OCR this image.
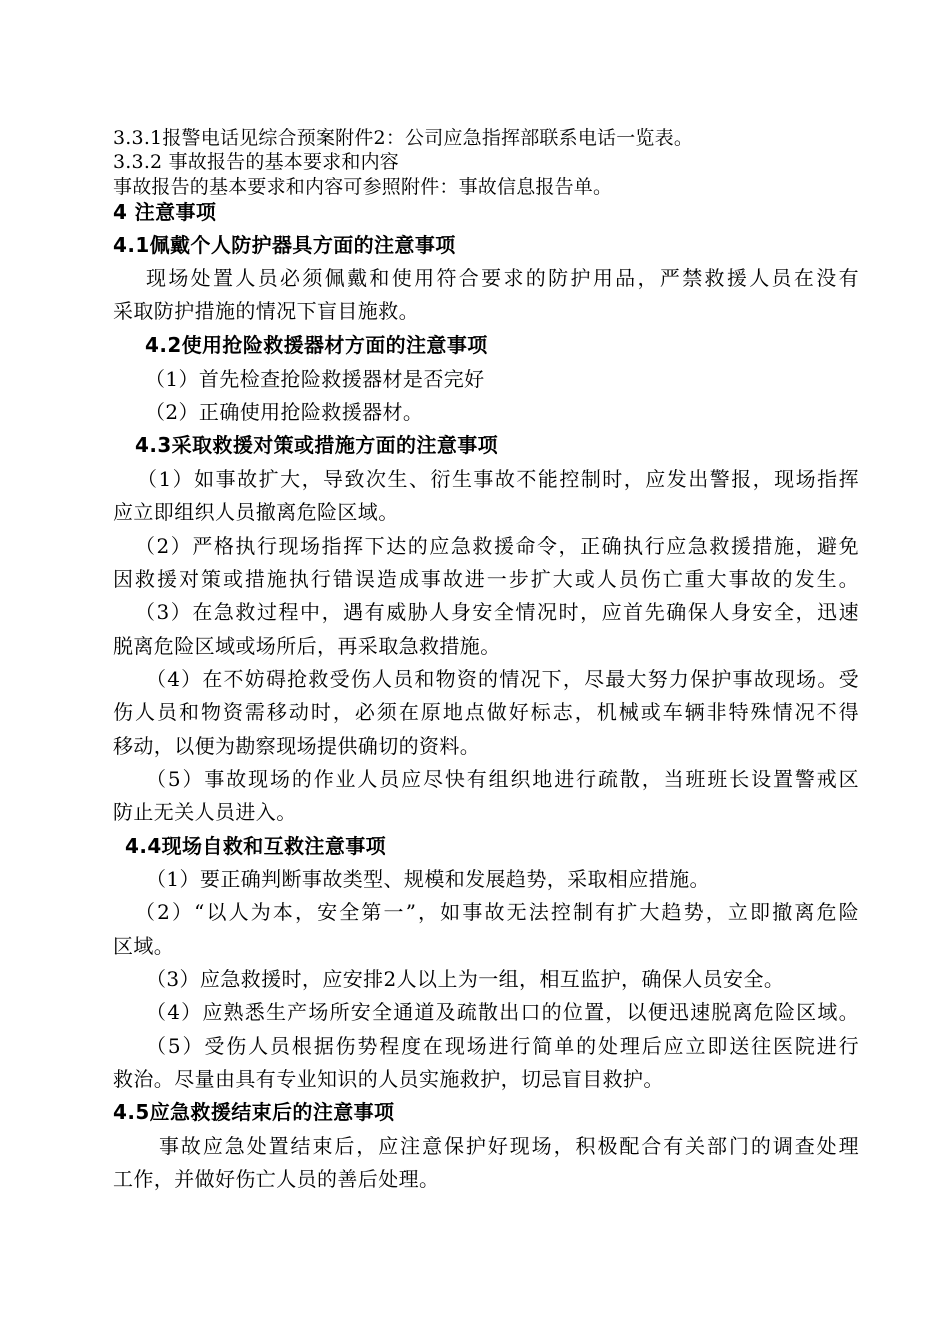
3.3.1报警电话见综合预案附件2：公司应急指挥部联系电话一览表。
3.3.2 事故报告的基本要求和内容
事故报告的基本要求和内容可参照附件：事故信息报告单。
4 注意事项
4.1佩戴个人防护器具方面的注意事项
现场处置人员必须佩戴和使用符合要求的防护用品，严禁救援人员在没有
采取防护措施的情况下盲目施救。
4.2使用抢险救援器材方面的注意事项
（1）首先检查抢险救援器材是否完好
（2）正确使用抢险救援器材。
4.3采取救援对策或措施方面的注意事项
（1）如事故扩大，导致次生、衍生事故不能控制时，应发出警报，现场指挥
应立即组织人员撤离危险区域。
（2）严格执行现场指挥下达的应急救援命令，正确执行应急救援措施，避免
因救援对策或措施执行错误造成事故进一步扩大或人员伤亡重大事故的发生。
（3）在急救过程中，遇有威胁人身安全情况时，应首先确保人身安全，迅速
脱离危险区域或场所后，再采取急救措施。
（4）在不妨碍抢救受伤人员和物资的情况下，尽最大努力保护事故现场。受
伤人员和物资需移动时，必须在原地点做好标志，机械或车辆非特殊情况不得
移动，以便为勘察现场提供确切的资料。
（5）事故现场的作业人员应尽快有组织地进行疏散，当班班长设置警戒区
防止无关人员进入。
4.4现场自救和互救注意事项
（1）要正确判断事故类型、规模和发展趋势，采取相应措施。
（2）“以人为本，安全第一”，如事故无法控制有扩大趋势，立即撤离危险
区域。
（3）应急救援时，应安排2人以上为一组，相互监护，确保人员安全。
（4）应熟悉生产场所安全通道及疏散出口的位置，以便迅速脱离危险区域。
（5）受伤人员根据伤势程度在现场进行简单的处理后应立即送往医院进行
救治。尽量由具有专业知识的人员实施救护，切忌盲目救护。
4.5应急救援结束后的注意事项
事故应急处置结束后，应注意保护好现场，积极配合有关部门的调查处理
工作，并做好伤亡人员的善后处理。
